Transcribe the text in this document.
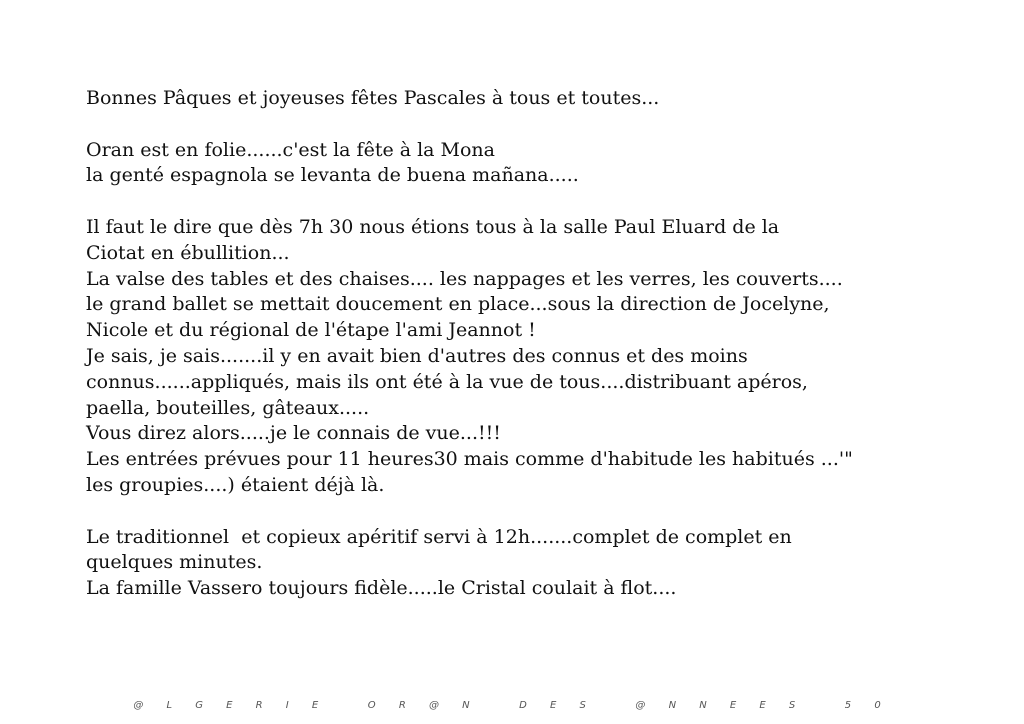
Bonnes Pâques et joyeuses fêtes Pascales à tous et toutes...
Oran est en folie......c'est la fête à la Mona
la genté espagnola se levanta de buena mañana.....
Il faut le dire que dès 7h 30 nous étions tous à la salle Paul Eluard de la
Ciotat en ébullition...
La valse des tables et des chaises.... les nappages et les verres, les couverts....
le grand ballet se mettait doucement en place...sous la direction de Jocelyne,
Nicole et du régional de l'étape l'ami Jeannot !
Je sais, je sais.......il y en avait bien d'autres des connus et des moins
connus......appliqués, mais ils ont été à la vue de tous....distribuant apéros,
paella, bouteilles, gâteaux.....
Vous direz alors.....je le connais de vue...!!!
Les entrées prévues pour 11 heures30 mais comme d'habitude les habitués ...'"
les groupies....) étaient déjà là.
Le traditionnel  et copieux apéritif servi à 12h.......complet de complet en
quelques minutes.
La famille Vassero toujours fidèle.....le Cristal coulait à flot....
@ L G E R I E   O R @ N   D E S   @ N N E E S   5 0
